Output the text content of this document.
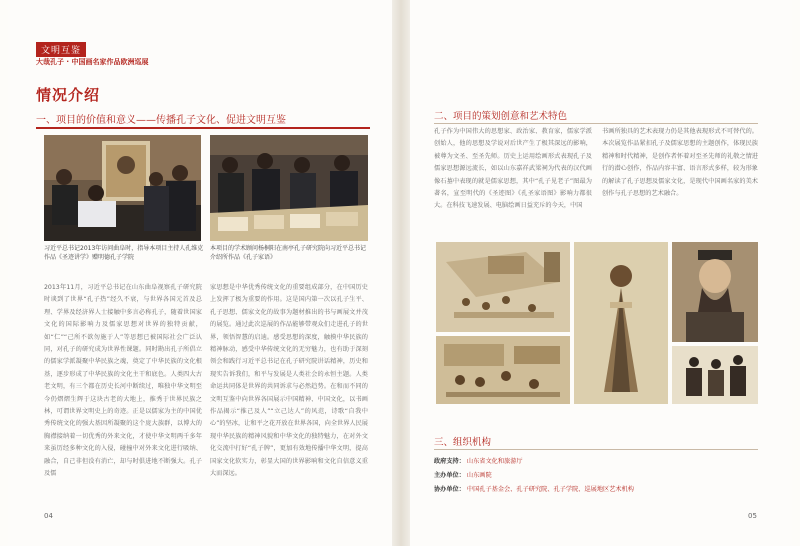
文明互鉴
大哉孔子 · 中国画名家作品欧洲巡展
情况介绍
一、项目的价值和意义——传播孔子文化、促进文明互鉴
习近平总书记2013年访问曲阜时，指导本项目主持人孔维克作品《圣迹讲学》赠明德孔子学院
本项目的学术顾问杨桐阳在南亭孔子研究院向习近平总书记介绍所作品《孔子家语》
2013年11月，习近平总书记在山东曲阜视察孔子研究院时谈到了世界“孔子热”经久不衰，与世界各国元首及总理、学界及经济界人士接触中多言必称孔子，随着世国家文化的国际影响力及儒家思想对世界的独特贡献，如“仁”“己所不欲勿施于人”等思想已被国际社会广泛认同，对孔子的研究成为世界性课题。同时勘出孔子所倡立的儒家学派凝聚中华民族之魂，奠定了中华民族的文化根基，逐步形成了中华民族的文化主干和底色。人类四大古老文明，有三个都在历史长河中断续过，唯独中华文明至今仍熠熠生辉于这块古老的大地上，推秀于世界民族之林，可谓世界文明史上的奇迹。正是以儒家为主的中国优秀传统文化的强大基因所凝聚的这个庞大族群，以博大的胸襟接纳着一切优秀的外来文化，才使中华文明两千多年来虽历经多种文化的入侵，碰撞中对外来文化进行吸纳、融合，自己非但没有消亡，却与时俱进地不断强大。孔子及儒
家思想是中华优秀传统文化的重要组成部分，在中国历史上发挥了极为重要的作用。这是国内第一次以孔子生平、孔子思想、儒家文化的故事为题材推出的书与画展文并茂的展览。通过此次巡展的作品能够带观众们走进孔子的世界，领悟智慧的启迪。感受思想的深度，触摸中华民族的精神脉动，感受中华传统文化的无穷魅力，也有助于深刻领会和践行习近平总书记在孔子研究院讲话精神，历史和现实告诉我们，和平与发展是人类社会的永恒主题。人类命运共同体是世界的共同诉求与必然趋势。在和而不同的文明互鉴中向世界各国展示中国精神、中国文化，以书画作品揭示“推己及人”“立己达人”的风范，诗歌“自我中心”的坚冰，让和平之花开放在世界各国，向全世界人民展现中华民族的精神风貌和中华文化的独特魅力，在对外文化交流中打好“孔子牌”，更加有效地传播中华文明，提高国家文化软实力，彰显大国的世界影响和文化自信意义重大而深远。
04
二、项目的策划创意和艺术特色
孔子作为中国伟大的思想家、政治家、教育家，儒家学派创始人，他的思想及学说对后世产生了极其深远的影响，被尊为文圣、至圣先师。历史上运用绘画形式表现孔子及儒家思想源远流长，如以山东嘉祥武梁祠为代表的汉代画像石墓中表现的就是儒家思想，其中“孔子见老子”图最为著名，宣至明代的《圣迹图》《孔圣家语图》影响力都很大。在科技飞速发展、电脑绘画日益充斥的今天，中国
书画所独具的艺术表现力仍是其他表现形式不可替代的。本次展览作品紧扣孔子及儒家思想的主题创作，体现民族精神和时代精神，是创作者怀着对至圣先师的礼敬之情进行的潜心创作，作品内容丰富、语言形式多样，较为形象的解读了孔子思想及儒家文化，是现代中国画名家的美术创作与孔子思想的艺术融合。
三、组织机构
政府支持： 山东省文化和旅游厅
主办单位： 山东画院
协办单位： 中国孔子基金会、孔子研究院、孔子学院、巡展地区艺术机构
05
